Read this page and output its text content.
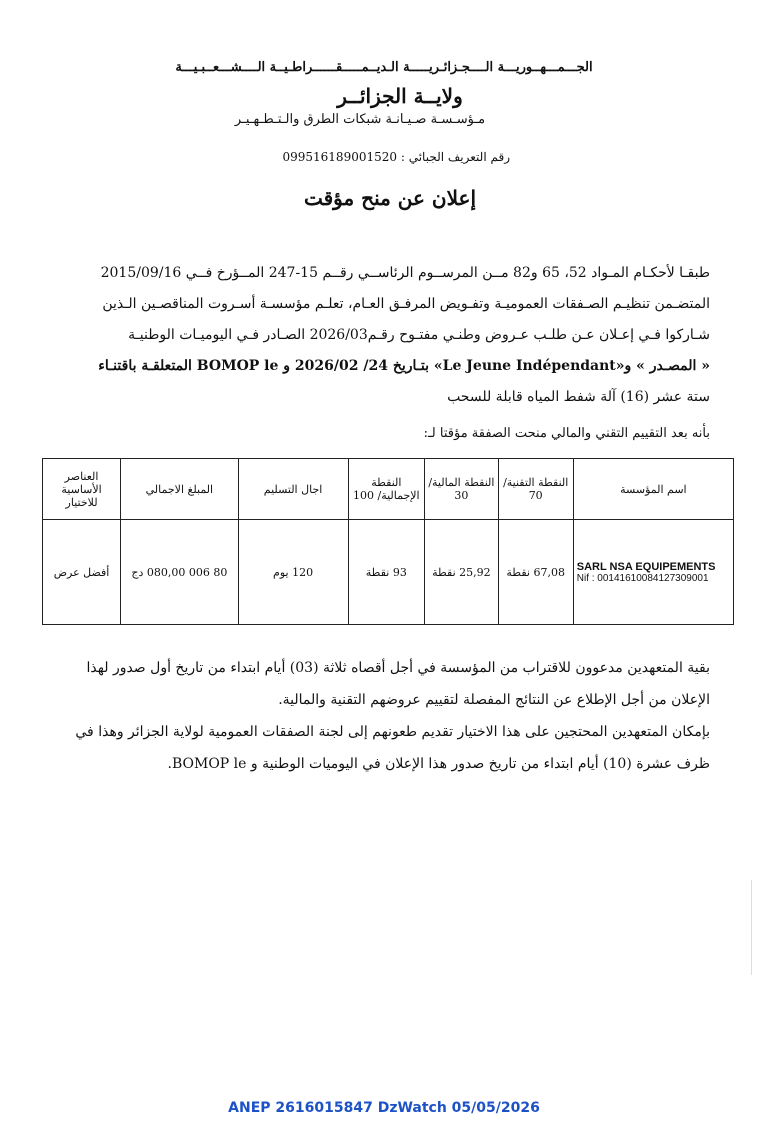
الجـــمـــهــوريـــة الــــجـزائـريـــــة الـديــمـــــقــــــراطـيــة الــــشـــعــبـيـــة
ولايــة الجزائــر
مـؤسـسـة صـيـانـة شبكات الطرق والـتـطـهـيـر
رقم التعريف الجبائي : 099516189001520
إعلان عن منح مؤقت
طبقـا لأحكـام المـواد 52، 65 و82 مــن المرســوم الرئاســي رقــم 15-247 المــؤرخ فــي 2015/09/16
المتضـمن تنظيـم الصـفقات العموميـة وتفـويض المرفـق العـام، تعلـم مؤسسـة أسـروت المناقصـين الـذين
شـاركوا فـي إعـلان عـن طلـب عـروض وطنـي مفتـوح رقـم2026/03 الصـادر فـي اليوميـات الوطنيـة
« المصـدر » و«Le Jeune Indépendant» بتـاريخ 24/ 2026/02 و BOMOP le المتعلقـة باقتنـاء
ستة عشر (16) آلة شفط المياه قابلة للسحب
بأنه بعد التقييم التقني والمالي منحت الصفقة مؤقتا لـ:
اسم المؤسسة	النقطة التقنية/ 70	النقطة المالية/ 30	النقطة الإجمالية/ 100	اجال التسليم	المبلغ الاجمالي	العناصر الأساسية للاختيار

SARL NSA EQUIPEMENTS
Nif : 00141610084127309001	67,08 نقطة	25,92 نقطة	93 نقطة	120 يوم	80 006 080,00 دج	أفضل عرض
بقية المتعهدين مدعوون للاقتراب من المؤسسة في أجل أقصاه ثلاثة (03) أيام ابتداء من تاريخ أول صدور لهذا
الإعلان من أجل الإطلاع عن النتائج المفصلة لتقييم عروضهم التقنية والمالية.
بإمكان المتعهدين المحتجين على هذا الاختيار تقديم طعونهم إلى لجنة الصفقات العمومية لولاية الجزائر وهذا في
ظرف عشرة (10) أيام ابتداء من تاريخ صدور هذا الإعلان في اليوميات الوطنية و BOMOP le.
ANEP 2616015847 DzWatch 05/05/2026
